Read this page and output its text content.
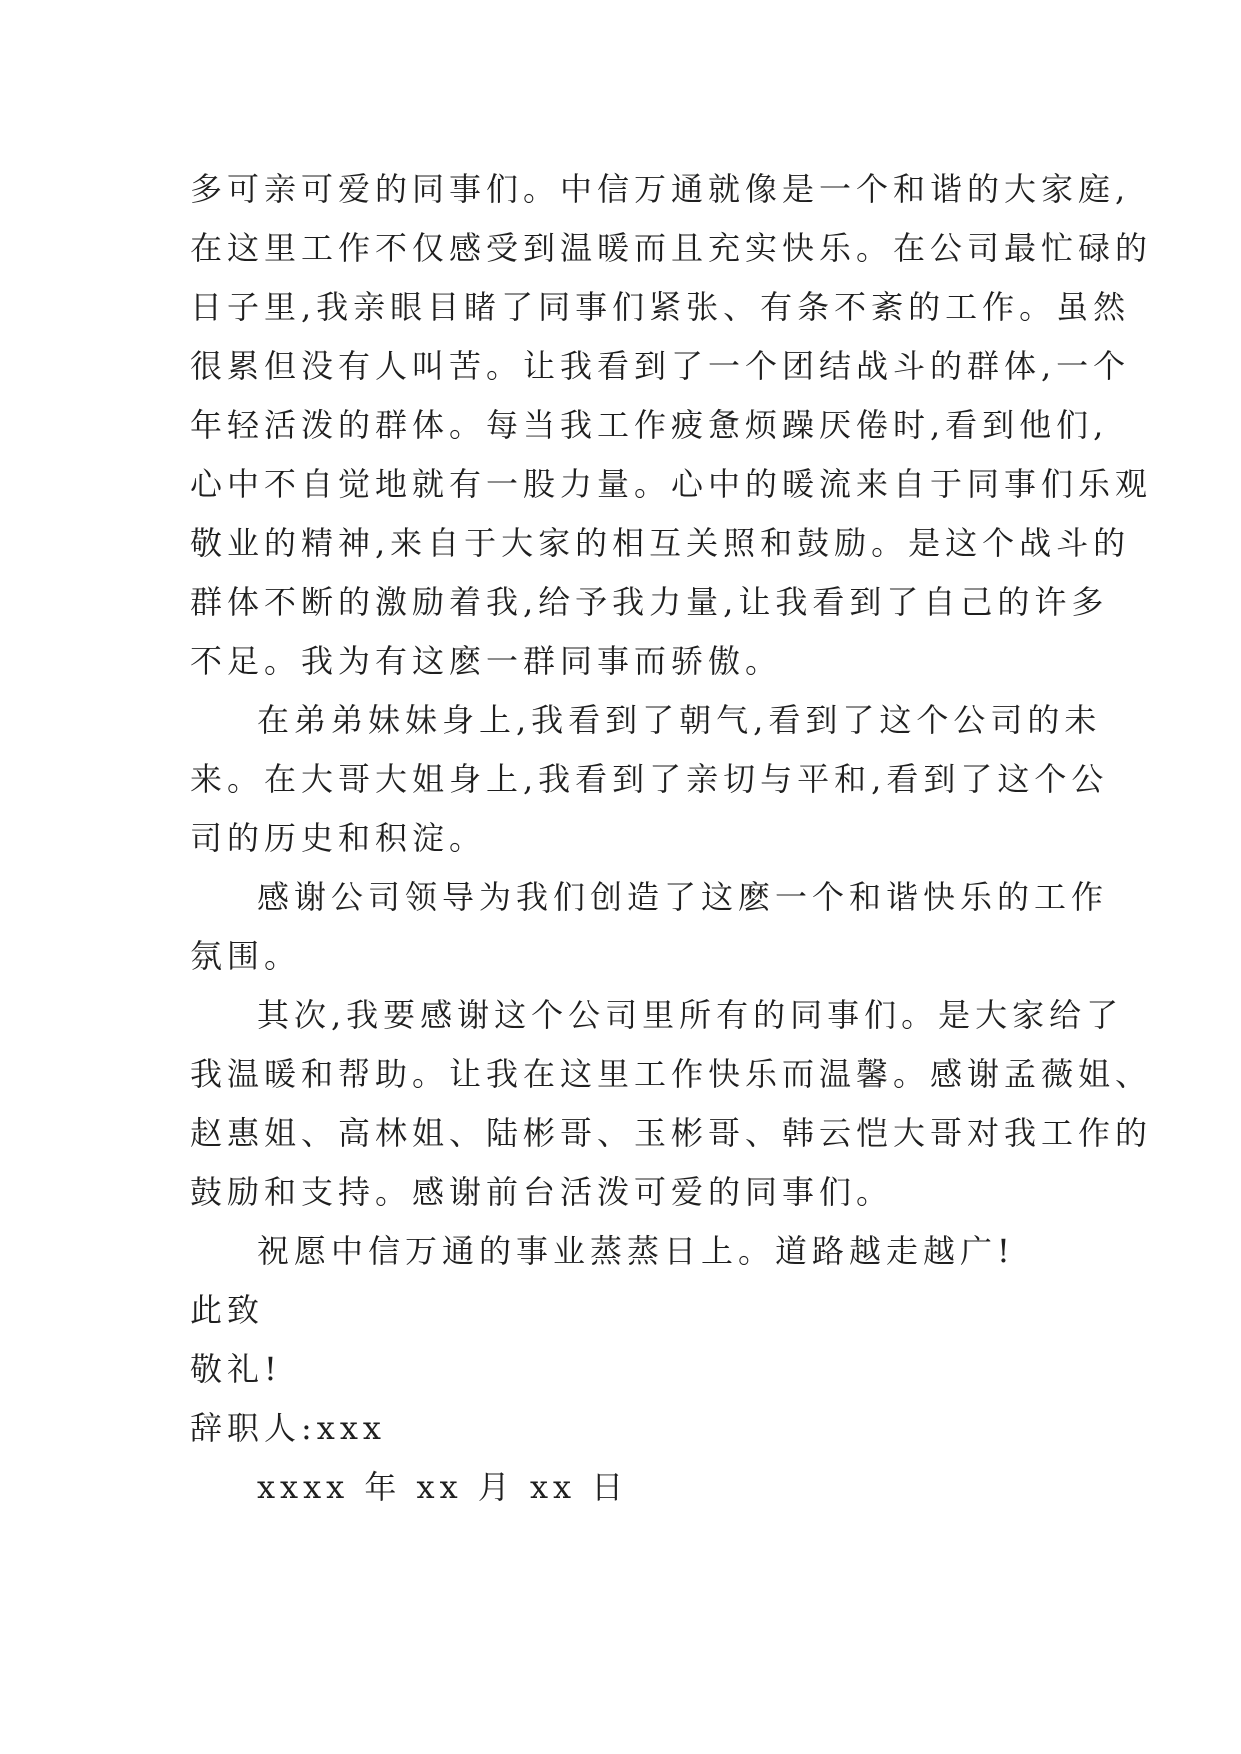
多可亲可爱的同事们。中信万通就像是一个和谐的大家庭,
在这里工作不仅感受到温暖而且充实快乐。在公司最忙碌的
日子里,我亲眼目睹了同事们紧张、有条不紊的工作。虽然
很累但没有人叫苦。让我看到了一个团结战斗的群体,一个
年轻活泼的群体。每当我工作疲惫烦躁厌倦时,看到他们,
心中不自觉地就有一股力量。心中的暖流来自于同事们乐观
敬业的精神,来自于大家的相互关照和鼓励。是这个战斗的
群体不断的激励着我,给予我力量,让我看到了自己的许多
不足。我为有这麽一群同事而骄傲。
在弟弟妹妹身上,我看到了朝气,看到了这个公司的未
来。在大哥大姐身上,我看到了亲切与平和,看到了这个公
司的历史和积淀。
感谢公司领导为我们创造了这麽一个和谐快乐的工作
氛围。
其次,我要感谢这个公司里所有的同事们。是大家给了
我温暖和帮助。让我在这里工作快乐而温馨。感谢孟薇姐、
赵惠姐、高林姐、陆彬哥、玉彬哥、韩云恺大哥对我工作的
鼓励和支持。感谢前台活泼可爱的同事们。
祝愿中信万通的事业蒸蒸日上。道路越走越广!
此致
敬礼!
辞职人:xxx
xxxx 年 xx 月 xx 日
